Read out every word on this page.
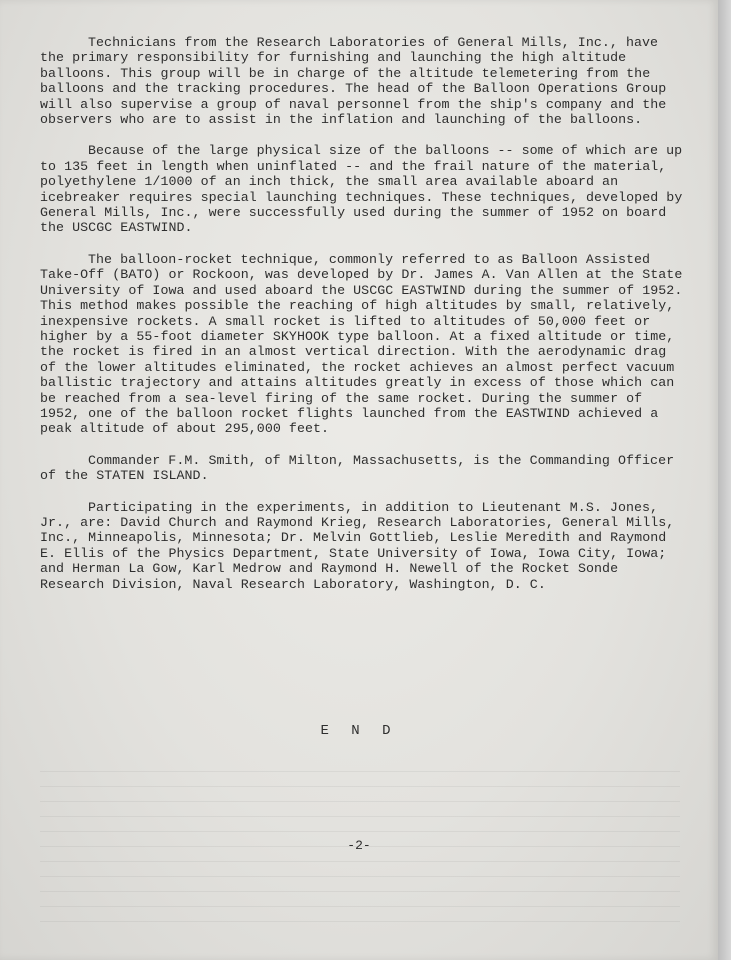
Technicians from the Research Laboratories of General Mills, Inc., have the primary responsibility for furnishing and launching the high altitude balloons. This group will be in charge of the altitude telemetering from the balloons and the tracking procedures. The head of the Balloon Operations Group will also supervise a group of naval personnel from the ship's company and the observers who are to assist in the inflation and launching of the balloons.

Because of the large physical size of the balloons -- some of which are up to 135 feet in length when uninflated -- and the frail nature of the material, polyethylene 1/1000 of an inch thick, the small area available aboard an icebreaker requires special launching techniques. These techniques, developed by General Mills, Inc., were successfully used during the summer of 1952 on board the USCGC EASTWIND.

The balloon-rocket technique, commonly referred to as Balloon Assisted Take-Off (BATO) or Rockoon, was developed by Dr. James A. Van Allen at the State University of Iowa and used aboard the USCGC EASTWIND during the summer of 1952. This method makes possible the reaching of high altitudes by small, relatively, inexpensive rockets. A small rocket is lifted to altitudes of 50,000 feet or higher by a 55-foot diameter SKYHOOK type balloon. At a fixed altitude or time, the rocket is fired in an almost vertical direction. With the aerodynamic drag of the lower altitudes eliminated, the rocket achieves an almost perfect vacuum ballistic trajectory and attains altitudes greatly in excess of those which can be reached from a sea-level firing of the same rocket. During the summer of 1952, one of the balloon rocket flights launched from the EASTWIND achieved a peak altitude of about 295,000 feet.

Commander F.M. Smith, of Milton, Massachusetts, is the Commanding Officer of the STATEN ISLAND.

Participating in the experiments, in addition to Lieutenant M.S. Jones, Jr., are: David Church and Raymond Krieg, Research Laboratories, General Mills, Inc., Minneapolis, Minnesota; Dr. Melvin Gottlieb, Leslie Meredith and Raymond E. Ellis of the Physics Department, State University of Iowa, Iowa City, Iowa; and Herman La Gow, Karl Medrow and Raymond H. Newell of the Rocket Sonde Research Division, Naval Research Laboratory, Washington, D. C.

E N D
-2-
